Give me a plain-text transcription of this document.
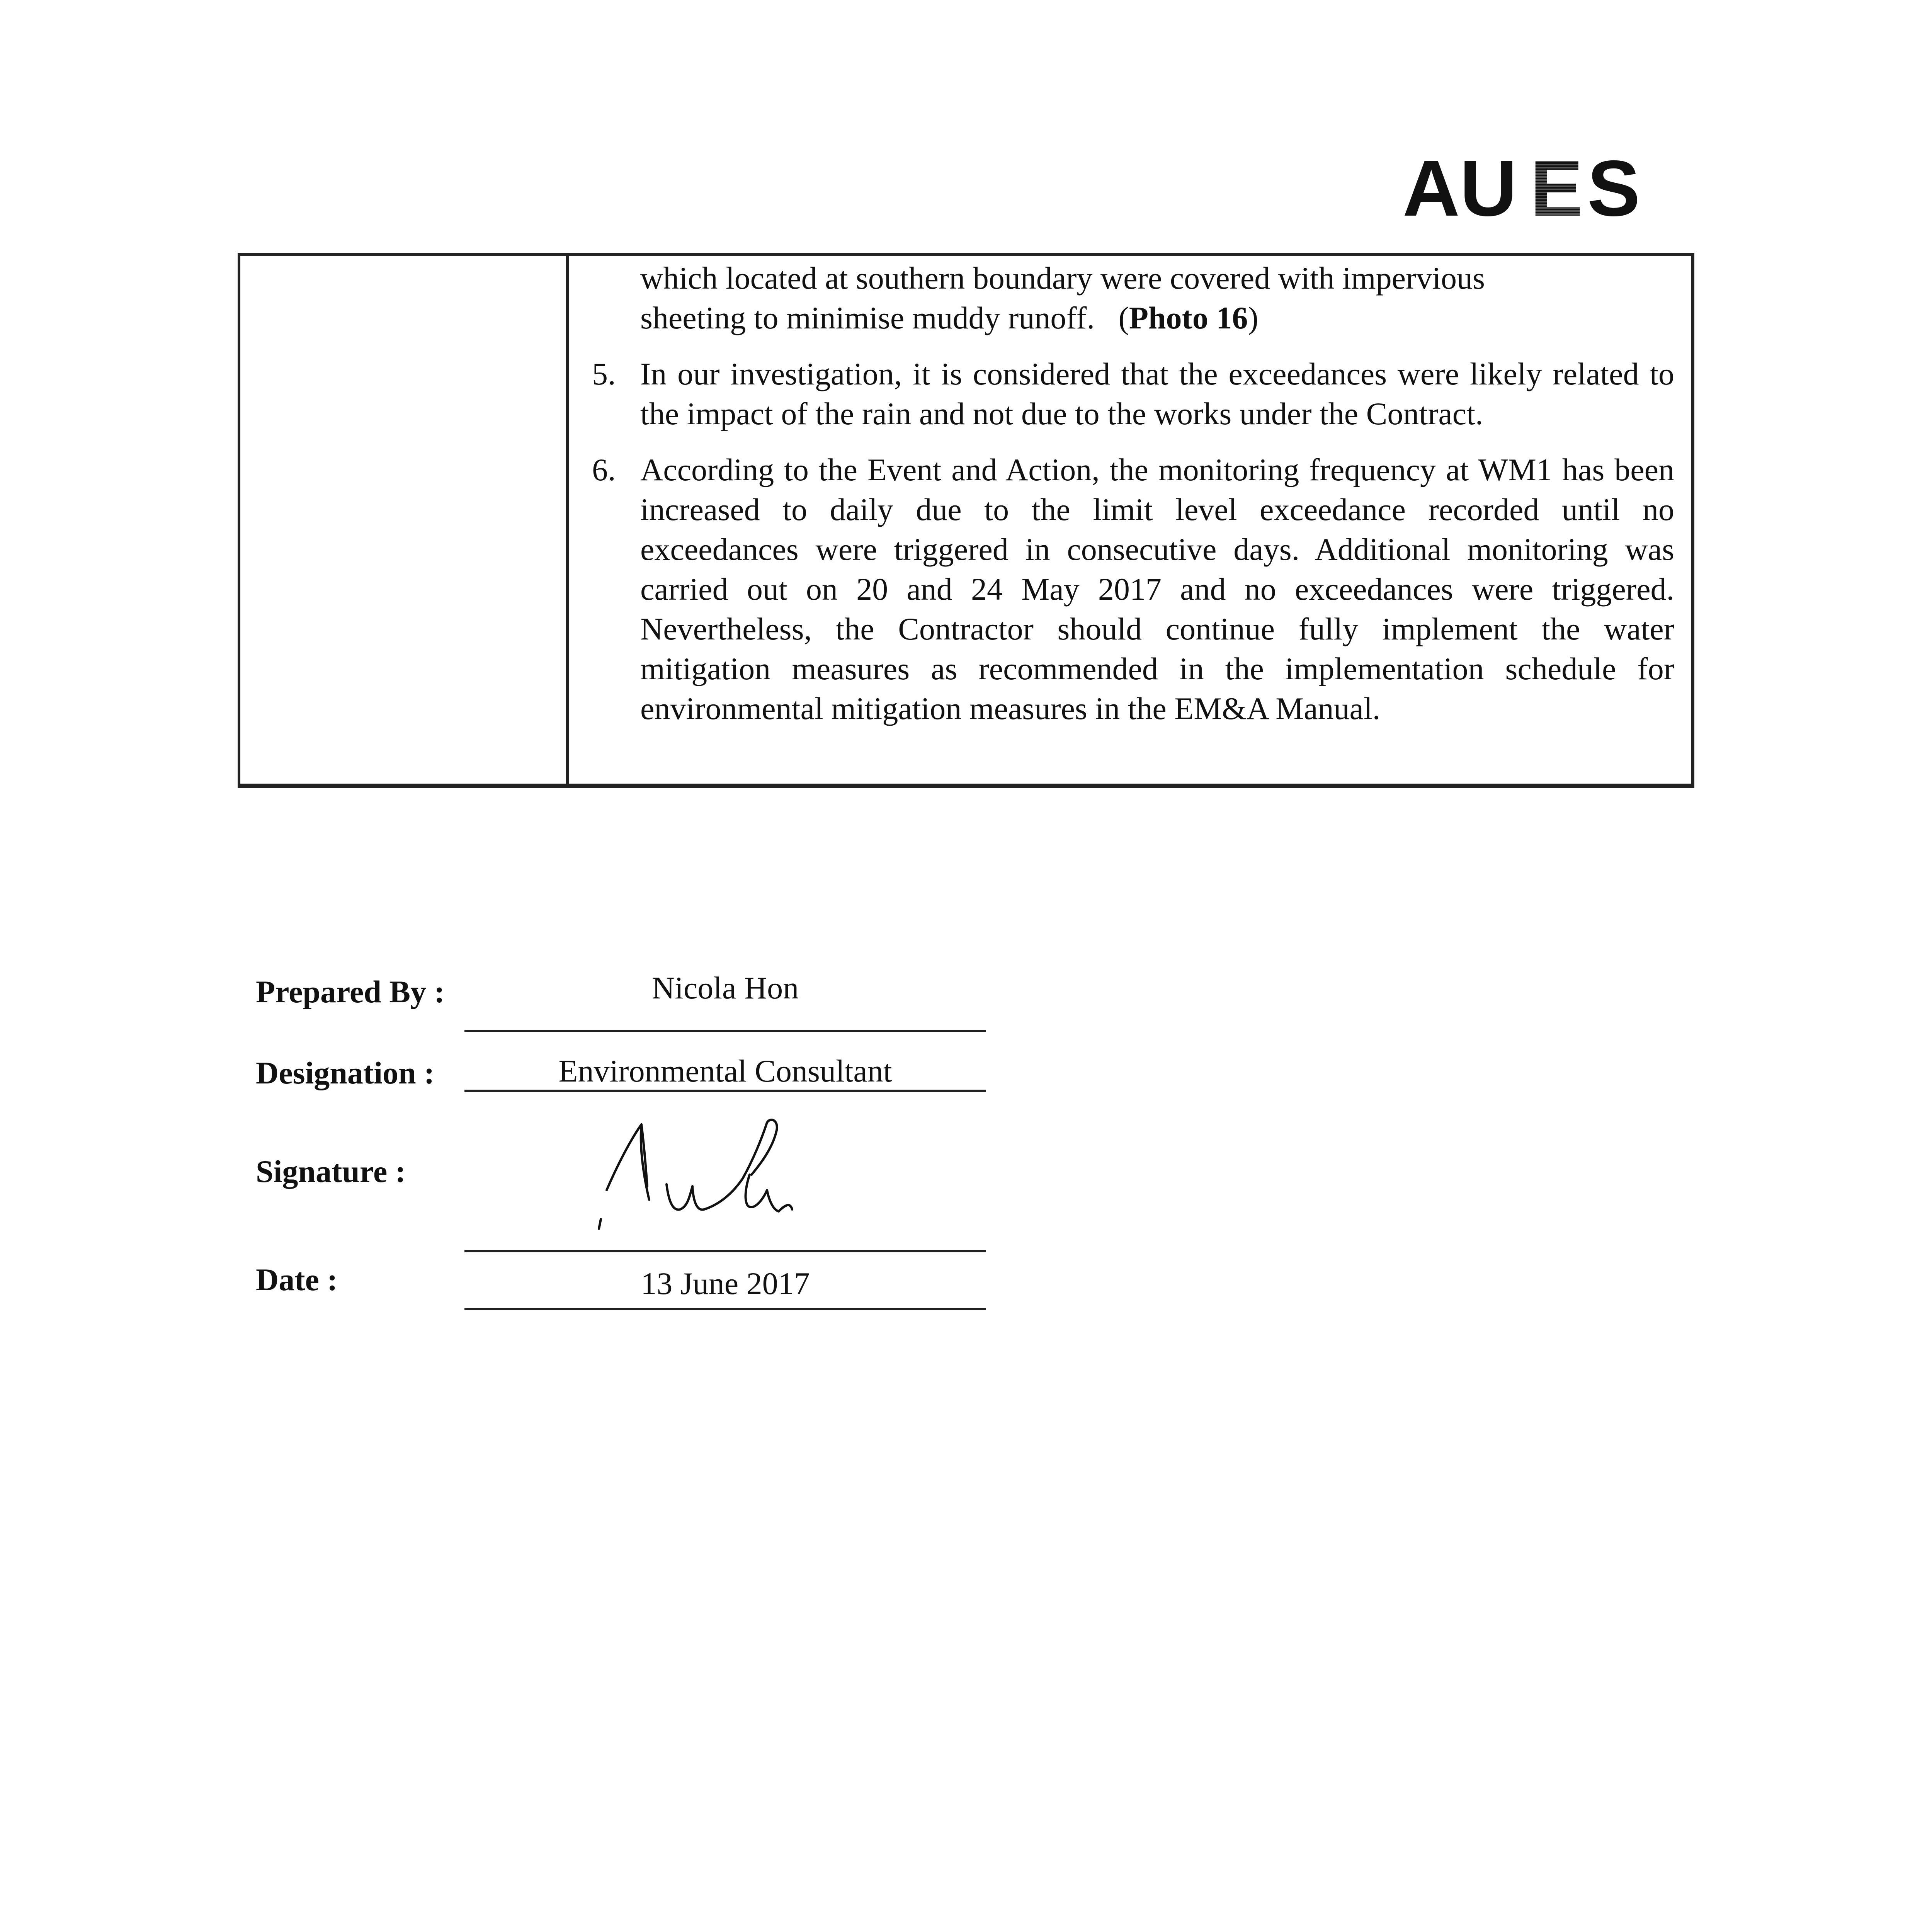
AU E S

which located at southern boundary were covered with impervious
sheeting to minimise muddy runoff.   (Photo 16)

5. In our investigation, it is considered that the exceedances were likely related to the impact of the rain and not due to the works under the Contract.

6. According to the Event and Action, the monitoring frequency at WM1 has been increased to daily due to the limit level exceedance recorded until no exceedances were triggered in consecutive days. Additional monitoring was carried out on 20 and 24 May 2017 and no exceedances were triggered. Nevertheless, the Contractor should continue fully implement the water mitigation measures as recommended in the implementation schedule for environmental mitigation measures in the EM&A Manual.

Prepared By :	Nicola Hon
Designation :	Environmental Consultant
Signature :
Date :	13 June 2017
